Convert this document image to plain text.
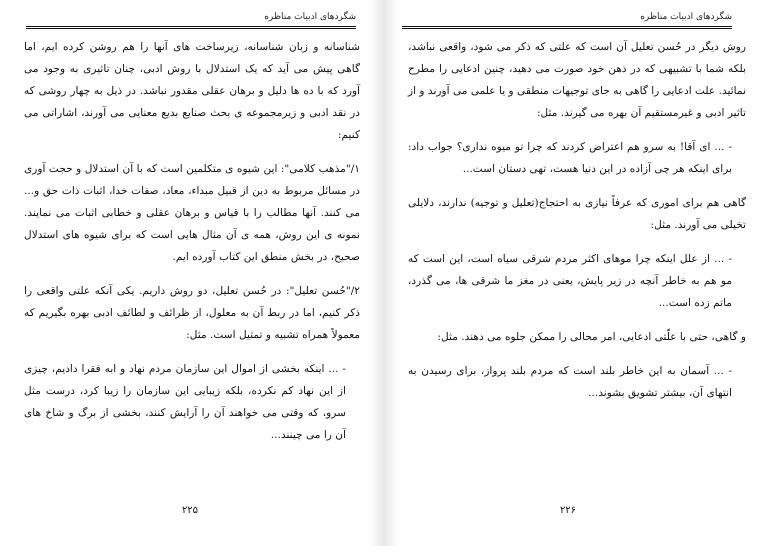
شگردهای ادبیات مناظره

شناسانه و زبان شناسانه، زیرساخت های آنها را هم روشن کرده ایم، اما گاهی پیش می آید که یک استدلال با روش ادبی، چنان تاثیری به وجود می آورد که با ده ها دلیل و برهان عقلی مقدور نباشد. در ذیل به چهار روشی که در نقد ادبی و زیرمجموعه ی بحث صنایع بدیع معنایی می آورند، اشاراتی می کنیم:

۱/"مذهب کلامی": این شیوه ی متکلمین است که با آن استدلال و حجت آوری در مسائل مربوط به دین از قبیل مبداء، معاد، صفات خدا، اثبات ذات حق و... می کنند. آنها مطالب را با قیاس و برهان عقلی و خطابی اثبات می نمایند. نمونه ی این روش، همه ی آن مثال هایی است که برای شیوه های استدلال صحیح، در بخش منطق این کتاب آورده ایم.

۲/"حُسن تعلیل": در حُسن تعلیل، دو روش داریم. یکی آنکه علتی واقعی را ذکر کنیم، اما در ربط آن به معلول، از ظرائف و لطائف ادبی بهره بگیریم که معمولاً همراه تشبیه و تمثیل است. مثل:

- ... اینکه بخشی از اموال این سازمان مردم نهاد و ابه فقرا دادیم، چیزی از این نهاد کم نکرده، بلکه زیبایی این سازمان را زیبا کرد، درست مثل سرو، که وقتی می خواهند آن را آرایش کنند، بخشی از برگ و شاخ های آن را می چینند...

۲۲۵
شگردهای ادبیات مناظره

روش دیگر در حُسن تعلیل آن است که علتی که ذکر می شود، واقعی نباشد، بلکه شما با تشبیهی که در ذهن خود صورت می دهید، چنین ادعایی را مطرح نمائید. علت ادعایی را گاهی به جای توجیهات منطقی و یا علمی می آورند و از تاثیر ادبی و غیرمستقیم آن بهره می گیرند. مثل:

- ... ای آقا! به سرو هم اعتراض کردند که چرا تو میوه نداری؟ جواب داد: برای اینکه هر چی آزاده در این دنیا هست، تهی دستان است...

گاهی هم برای اموری که عرفاً نیازی به احتجاج(تعلیل و توجیه) ندارند، دلایلی تخیلی می آورند. مثل:

- ... از علل اینکه چرا موهای اکثر مردم شرقی سیاه است، این است که مو هم به خاطر آنچه در زیر پایش، یعنی در مغز ما شرقی ها، می گذرد، ماتم زده است...

و گاهی، حتی با علّتی ادعایی، امر محالی را ممکن جلوه می دهند. مثل:

- ... آسمان به این خاطر بلند است که مردم بلند پرواز، برای رسیدن به انتهای آن، بیشتر تشویق بشوند...

۲۲۶
